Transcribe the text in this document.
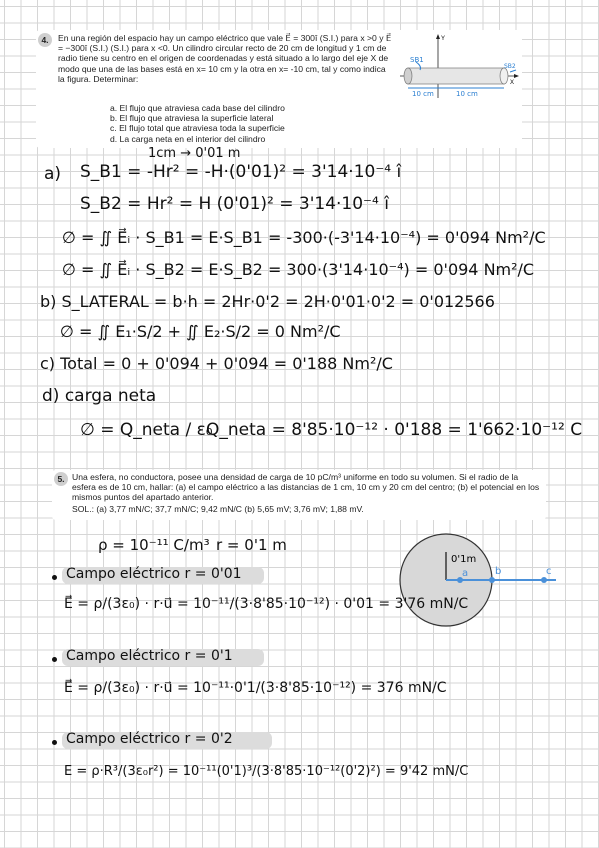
4.	En una región del espacio hay un campo eléctrico que vale E⃗ = 300î (S.I.) para x >0 y E⃗ = −300î (S.I.) (S.I.) para x <0. Un cilindro circular recto de 20 cm de longitud y 1 cm de radio tiene su centro en el origen de coordenadas y está situado a lo largo del eje X de modo que una de las bases está en x= 10 cm y la otra en x= -10 cm, tal y como indica la figura. Determinar:
a. El flujo que atraviesa cada base del cilindro
b. El flujo que atraviesa la superficie lateral
c. El flujo total que atraviesa toda la superficie
d. La carga neta en el interior del cilindro
Y
X
SB1
SB2
10 cm	10 cm
1cm → 0'01 m
a) S_B1 = -Hr² = -H·(0'01)² = 3'14·10⁻⁴ î
S_B2 = Hr² = H (0'01)² = 3'14·10⁻⁴ î
∅ = ∬ E⃗ᵢ · S_B1 = E·S_B1 = -300·(-3'14·10⁻⁴) = 0'094 Nm²/C
∅ = ∬ E⃗ᵢ · S_B2 = E·S_B2 = 300·(3'14·10⁻⁴) = 0'094 Nm²/C
b) S_LATERAL = b·h = 2Hr·0'2 = 2H·0'01·0'2 = 0'012566
∅ = ∬ E₁·S/2 + ∬ E₂·S/2 = 0 Nm²/C
c) Total = 0 + 0'094 + 0'094 = 0'188 Nm²/C
d) carga neta
∅ = Q_neta / ε₀
Q_neta = 8'85·10⁻¹² · 0'188 = 1'662·10⁻¹² C
5. Una esfera, no conductora, posee una densidad de carga de 10 pC/m³ uniforme en todo su volumen. Si el radio de la esfera es de 10 cm, hallar: (a) el campo eléctrico a las distancias de 1 cm, 10 cm y 20 cm del centro; (b) el potencial en los mismos puntos del apartado anterior.
SOL.: (a) 3,77 mN/C; 37,7 mN/C; 9,42 mN/C (b) 5,65 mV; 3,76 mV; 1,88 mV.
0'1m
a	b	c
ρ = 10⁻¹¹ C/m³ r = 0'1 m
Campo eléctrico r = 0'01
E⃗ = ρ/(3ε₀) · r·u⃗ = 10⁻¹¹/(3·8'85·10⁻¹²) · 0'01 = 3'76 mN/C
Campo eléctrico r = 0'1
E⃗ = ρ/(3ε₀) · r·u⃗ = 10⁻¹¹·0'1/(3·8'85·10⁻¹²) = 376 mN/C
Campo eléctrico r = 0'2
E = ρ·R³/(3ε₀r²) = 10⁻¹¹(0'1)³/(3·8'85·10⁻¹²(0'2)²) = 9'42 mN/C
